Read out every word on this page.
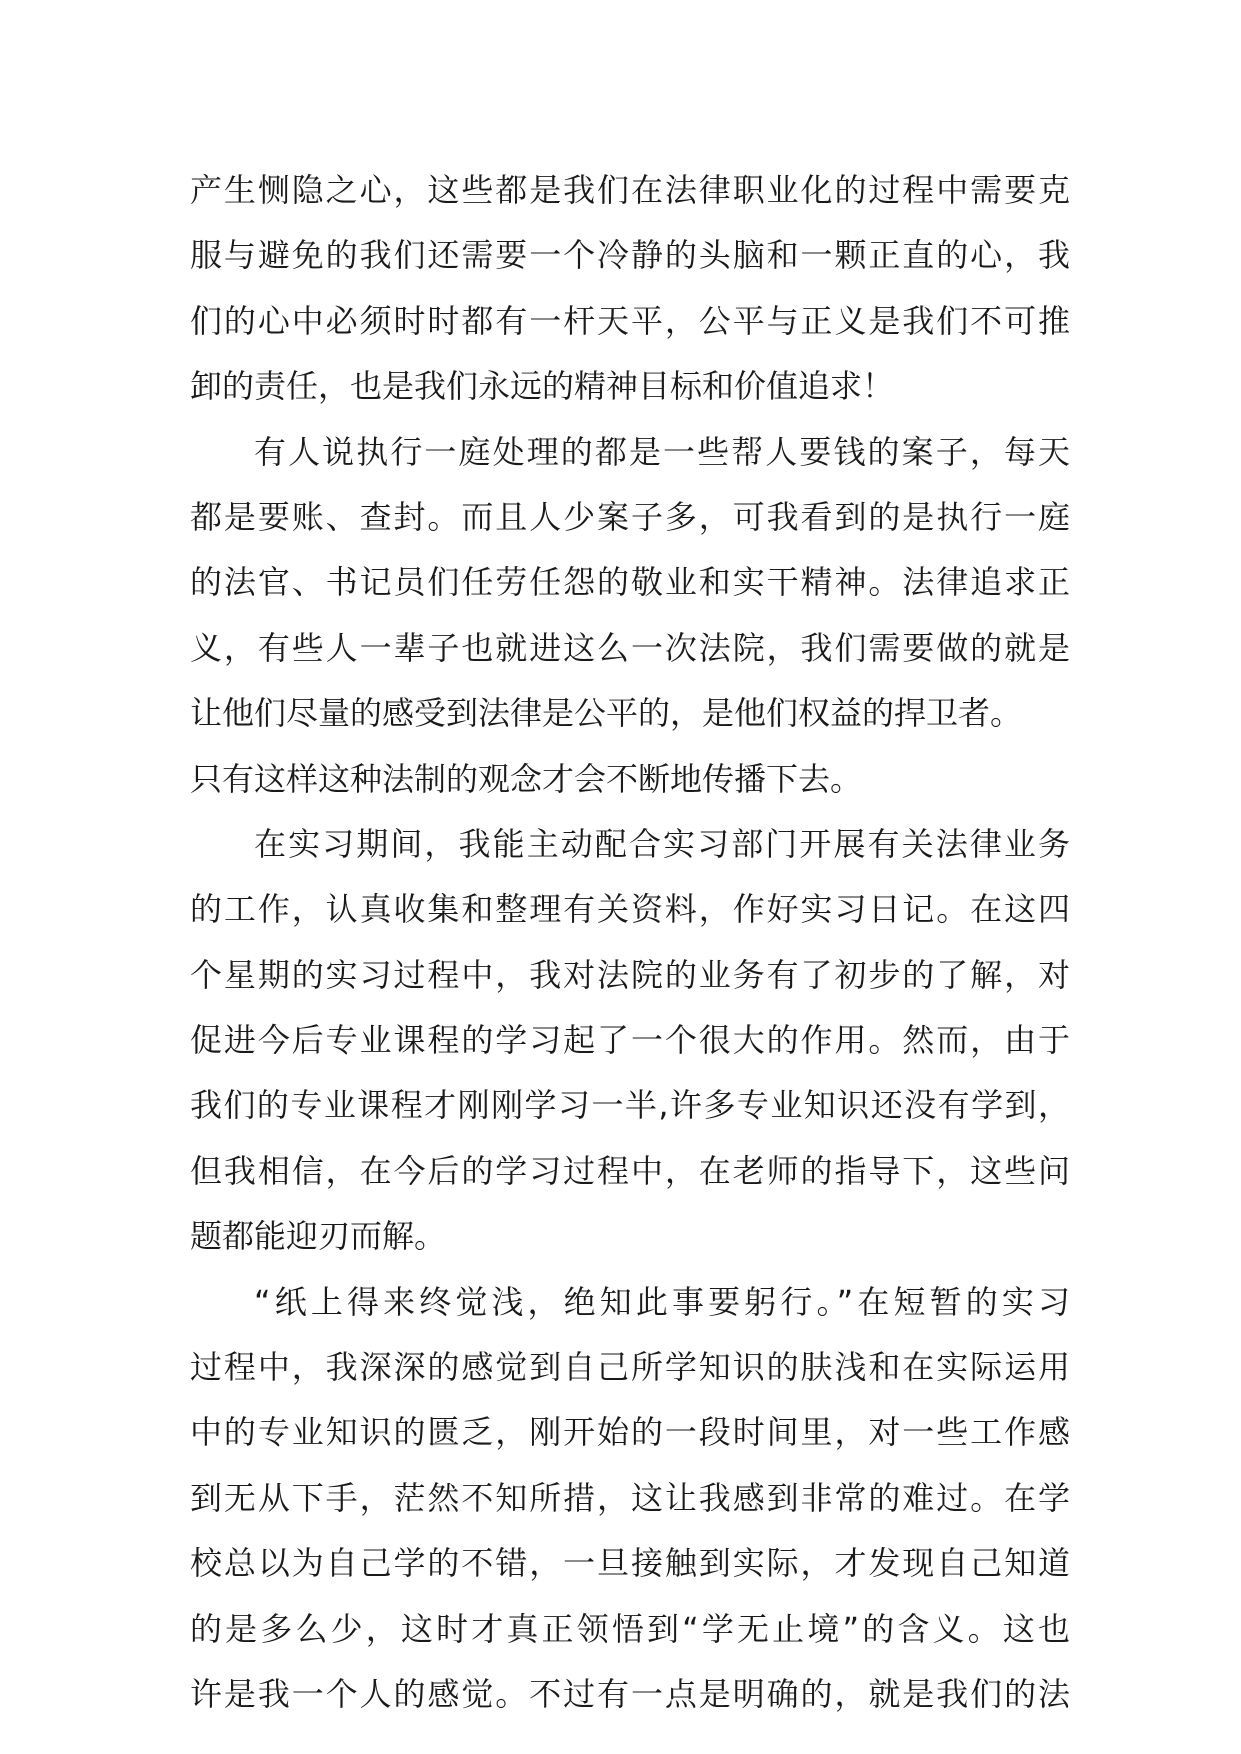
产生恻隐之心，这些都是我们在法律职业化的过程中需要克
服与避免的我们还需要一个冷静的头脑和一颗正直的心，我
们的心中必须时时都有一杆天平，公平与正义是我们不可推
卸的责任，也是我们永远的精神目标和价值追求！
有人说执行一庭处理的都是一些帮人要钱的案子，每天
都是要账、查封。而且人少案子多，可我看到的是执行一庭
的法官、书记员们任劳任怨的敬业和实干精神。法律追求正
义，有些人一辈子也就进这么一次法院，我们需要做的就是
让他们尽量的感受到法律是公平的，是他们权益的捍卫者。
只有这样这种法制的观念才会不断地传播下去。
在实习期间，我能主动配合实习部门开展有关法律业务
的工作，认真收集和整理有关资料，作好实习日记。在这四
个星期的实习过程中，我对法院的业务有了初步的了解，对
促进今后专业课程的学习起了一个很大的作用。然而，由于
我们的专业课程才刚刚学习一半,许多专业知识还没有学到，
但我相信，在今后的学习过程中，在老师的指导下，这些问
题都能迎刃而解。
“纸上得来终觉浅，绝知此事要躬行。”在短暂的实习
过程中，我深深的感觉到自己所学知识的肤浅和在实际运用
中的专业知识的匮乏，刚开始的一段时间里，对一些工作感
到无从下手，茫然不知所措，这让我感到非常的难过。在学
校总以为自己学的不错，一旦接触到实际，才发现自己知道
的是多么少，这时才真正领悟到“学无止境”的含义。这也
许是我一个人的感觉。不过有一点是明确的，就是我们的法
